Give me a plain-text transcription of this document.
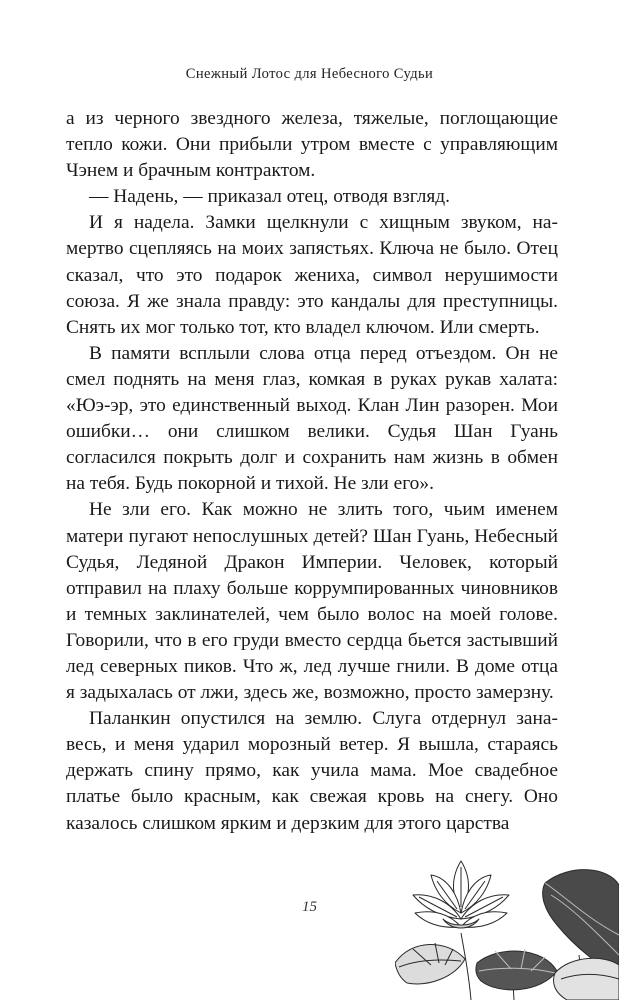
Снежный Лотос для Небесного Судьи

а из черного звездного железа, тяжелые, поглощающие тепло кожи. Они прибыли утром вместе с управляющим Чэнем и брачным контрактом.

— Надень, — приказал отец, отводя взгляд.

И я надела. Замки щелкнули с хищным звуком, намертво сцепляясь на моих запястьях. Ключа не было. Отец сказал, что это подарок жениха, символ нерушимости союза. Я же знала правду: это кандалы для преступницы. Снять их мог только тот, кто владел ключом. Или смерть.

В памяти всплыли слова отца перед отъездом. Он не смел поднять на меня глаз, комкая в руках рукав халата: «Юэ-эр, это единственный выход. Клан Лин разорен. Мои ошибки… они слишком велики. Судья Шан Гуань согласился покрыть долг и сохранить нам жизнь в обмен на тебя. Будь покорной и тихой. Не зли его».

Не зли его. Как можно не злить того, чьим именем матери пугают непослушных детей? Шан Гуань, Небесный Судья, Ледяной Дракон Империи. Человек, который отправил на плаху больше коррумпированных чиновников и темных заклинателей, чем было волос на моей голове. Говорили, что в его груди вместо сердца бьется застывший лед северных пиков. Что ж, лед лучше гнили. В доме отца я задыхалась от лжи, здесь же, возможно, просто замерзну.

Паланкин опустился на землю. Слуга отдернул занавесь, и меня ударил морозный ветер. Я вышла, стараясь держать спину прямо, как учила мама. Мое свадебное платье было красным, как свежая кровь на снегу. Оно казалось слишком ярким и дерзким для этого царства

15
